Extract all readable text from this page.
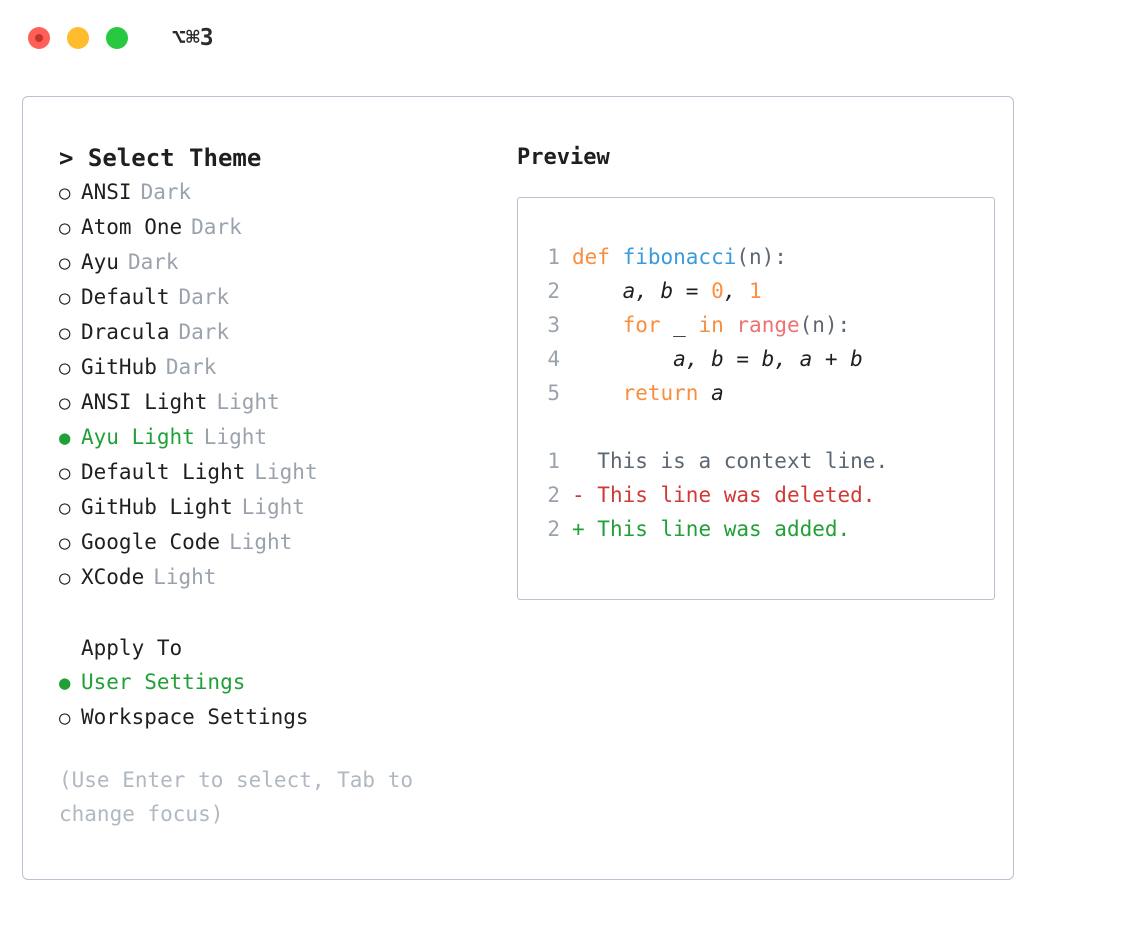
⌥⌘3
> Select Theme
○ ANSI Dark
○ Atom One Dark
○ Ayu Dark
○ Default Dark
○ Dracula Dark
○ GitHub Dark
○ ANSI Light Light
● Ayu Light Light
○ Default Light Light
○ GitHub Light Light
○ Google Code Light
○ XCode Light
Apply To
● User Settings
○ Workspace Settings
(Use Enter to select, Tab to change focus)
Preview
1 def fibonacci(n):
2    a, b = 0, 1
3	for _ in range(n):
4        a, b = b, a + b
5	return a
1  This is a context line.
2 - This line was deleted.
2 + This line was added.
